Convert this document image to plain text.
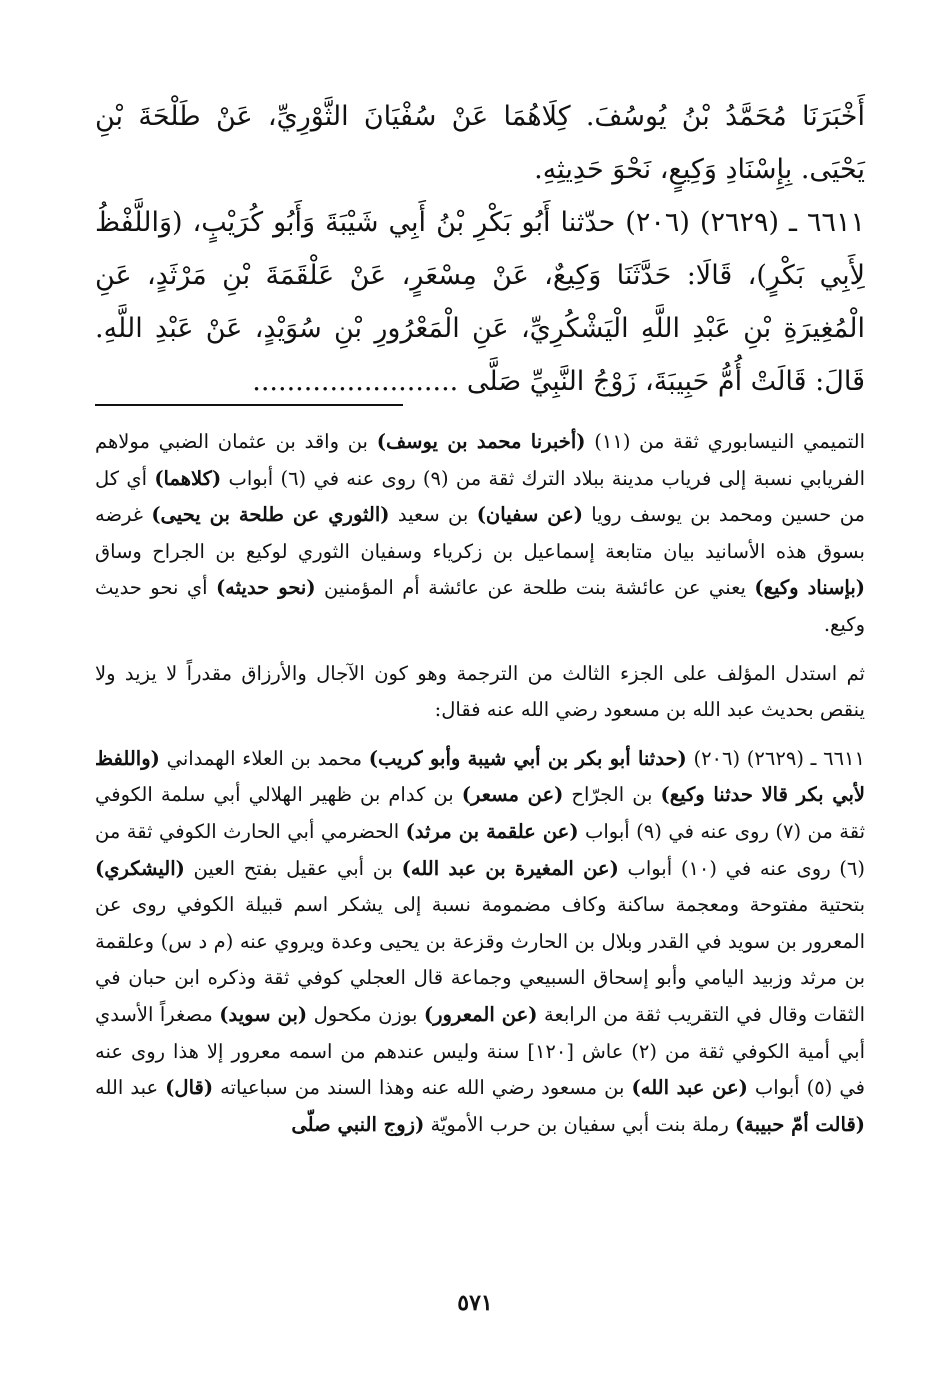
أَخْبَرَنَا مُحَمَّدُ بْنُ يُوسُفَ. كِلَاهُمَا عَنْ سُفْيَانَ الثَّوْرِيِّ، عَنْ طَلْحَةَ بْنِ يَحْيَى. بِإِسْنَادِ وَكِيعٍ، نَحْوَ حَدِيثِهِ.

٦٦١١ ـ (٢٦٢٩) (٢٠٦) حدّثنا أَبُو بَكْرِ بْنُ أَبِي شَيْبَةَ وَأَبُو كُرَيْبٍ، (وَاللَّفْظُ لِأَبِي بَكْرٍ)، قَالَا: حَدَّثَنَا وَكِيعٌ، عَنْ مِسْعَرٍ، عَنْ عَلْقَمَةَ بْنِ مَرْثَدٍ، عَنِ الْمُغِيرَةِ بْنِ عَبْدِ اللَّهِ الْيَشْكُرِيِّ، عَنِ الْمَعْرُورِ بْنِ سُوَيْدٍ، عَنْ عَبْدِ اللَّهِ. قَالَ: قَالَتْ أُمُّ حَبِيبَةَ، زَوْجُ النَّبِيِّ صَلَّى ........................

التميمي النيسابوري ثقة من (١١) (أخبرنا محمد بن يوسف) بن واقد بن عثمان الضبي مولاهم الفريابي نسبة إلى فرياب مدينة ببلاد الترك ثقة من (٩) روى عنه في (٦) أبواب (كلاهما) أي كل من حسين ومحمد بن يوسف رويا (عن سفيان) بن سعيد (الثوري عن طلحة بن يحيى) غرضه بسوق هذه الأسانيد بيان متابعة إسماعيل بن زكرياء وسفيان الثوري لوكيع بن الجراح وساق (بإسناد وكيع) يعني عن عائشة بنت طلحة عن عائشة أم المؤمنين (نحو حديثه) أي نحو حديث وكيع.

ثم استدل المؤلف على الجزء الثالث من الترجمة وهو كون الآجال والأرزاق مقدراً لا يزيد ولا ينقص بحديث عبد الله بن مسعود رضي الله عنه فقال:

٦٦١١ ـ (٢٦٢٩) (٢٠٦) (حدثنا أبو بكر بن أبي شيبة وأبو كريب) محمد بن العلاء الهمداني (واللفظ لأبي بكر قالا حدثنا وكيع) بن الجرّاح (عن مسعر) بن كدام بن ظهير الهلالي أبي سلمة الكوفي ثقة من (٧) روى عنه في (٩) أبواب (عن علقمة بن مرثد) الحضرمي أبي الحارث الكوفي ثقة من (٦) روى عنه في (١٠) أبواب (عن المغيرة بن عبد الله) بن أبي عقيل بفتح العين (اليشكري) بتحتية مفتوحة ومعجمة ساكنة وكاف مضمومة نسبة إلى يشكر اسم قبيلة الكوفي روى عن المعرور بن سويد في القدر وبلال بن الحارث وقزعة بن يحيى وعدة ويروي عنه (م د س) وعلقمة بن مرثد وزبيد اليامي وأبو إسحاق السبيعي وجماعة قال العجلي كوفي ثقة وذكره ابن حبان في الثقات وقال في التقريب ثقة من الرابعة (عن المعرور) بوزن مكحول (بن سويد) مصغراً الأسدي أبي أمية الكوفي ثقة من (٢) عاش [١٢٠] سنة وليس عندهم من اسمه معرور إلا هذا روى عنه في (٥) أبواب (عن عبد الله) بن مسعود رضي الله عنه وهذا السند من سباعياته (قال) عبد الله (قالت أمّ حبيبة) رملة بنت أبي سفيان بن حرب الأمويّة (زوج النبي صلّى

٥٧١
